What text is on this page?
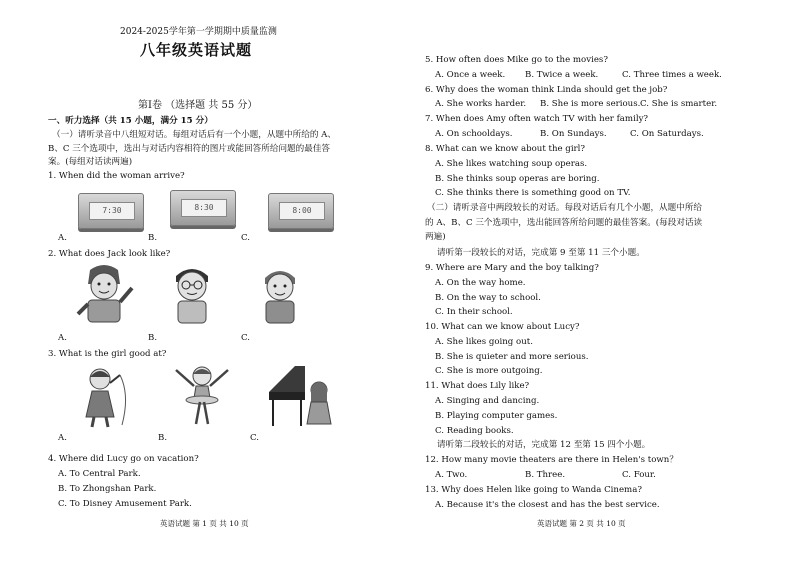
2024-2025学年第一学期期中质量监测
八年级英语试题
第Ⅰ卷 （选择题 共 55 分）
一、听力选择（共 15 小题，满分 15 分）
（一）请听录音中八组短对话。每组对话后有一个小题，从题中所给的 A、
B、C 三个选项中，选出与对话内容相符的图片或能回答所给问题的最佳答
案。(每组对话读两遍)
1. When did the woman arrive?
7:30	8:30	8:00
A.	B.	C.
2. What does Jack look like?
A.	B.	C.
3. What is the girl good at?
A.	B.	C.
4. Where did Lucy go on vacation?
A. To Central Park.
B. To Zhongshan Park.
C. To Disney Amusement Park.
英语试题 第 1 页 共 10 页
5. How often does Mike go to the movies?
A. Once a week. B. Twice a week.	C. Three times a week.
6. Why does the woman think Linda should get the job?
A. She works harder. B. She is more serious. C. She is smarter.
7. When does Amy often watch TV with her family?
A. On schooldays.	B. On Sundays.	C. On Saturdays.
8. What can we know about the girl?
A. She likes watching soup operas.
B. She thinks soup operas are boring.
C. She thinks there is something good on TV.
（二）请听录音中两段较长的对话。每段对话后有几个小题，从题中所给
的 A、B、C 三个选项中，选出能回答所给问题的最佳答案。(每段对话读
两遍)
请听第一段较长的对话，完成第 9 至第 11 三个小题。
9. Where are Mary and the boy talking?
A. On the way home.
B. On the way to school.
C. In their school.
10. What can we know about Lucy?
A. She likes going out.
B. She is quieter and more serious.
C. She is more outgoing.
11. What does Lily like?
A. Singing and dancing.
B. Playing computer games.
C. Reading books.
请听第二段较长的对话，完成第 12 至第 15 四个小题。
12. How many movie theaters are there in Helen's town？
A. Two.	B. Three.	C. Four.
13. Why does Helen like going to Wanda Cinema?
A. Because it's the closest and has the best service.
英语试题 第 2 页 共 10 页
